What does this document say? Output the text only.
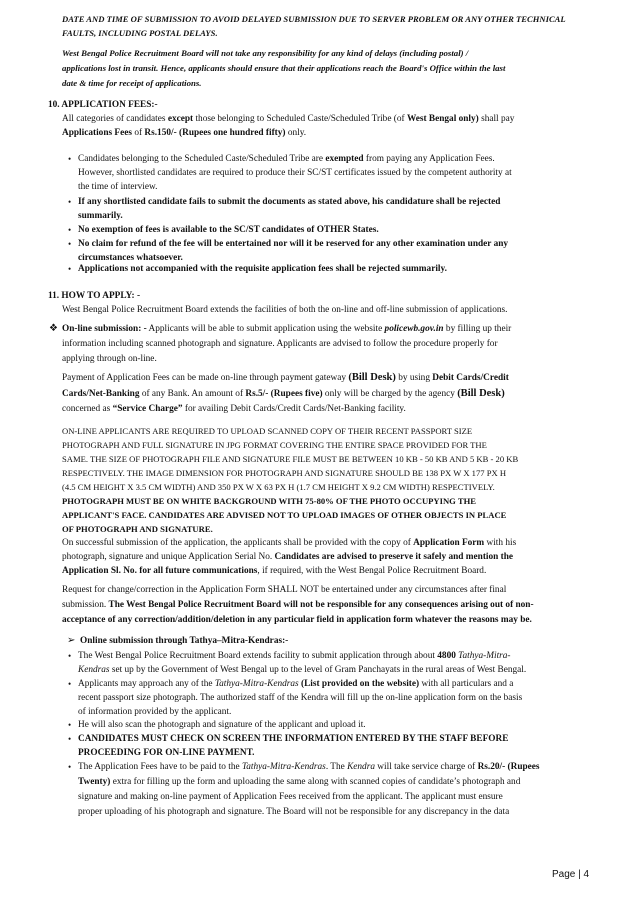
DATE AND TIME OF SUBMISSION TO AVOID DELAYED SUBMISSION DUE TO SERVER PROBLEM OR ANY OTHER TECHNICAL
FAULTS, INCLUDING POSTAL DELAYS.
West Bengal Police Recruitment Board will not take any responsibility for any kind of delays (including postal) /
applications lost in transit. Hence, applicants should ensure that their applications reach the Board's Office within the last
date & time for receipt of applications.
10. APPLICATION FEES:-
All categories of candidates except those belonging to Scheduled Caste/Scheduled Tribe (of West Bengal only) shall pay
Applications Fees of Rs.150/- (Rupees one hundred fifty) only.
• Candidates belonging to the Scheduled Caste/Scheduled Tribe are exempted from paying any Application Fees.
However, shortlisted candidates are required to produce their SC/ST certificates issued by the competent authority at
the time of interview.
• If any shortlisted candidate fails to submit the documents as stated above, his candidature shall be rejected
summarily.
• No exemption of fees is available to the SC/ST candidates of OTHER States.
• No claim for refund of the fee will be entertained nor will it be reserved for any other examination under any
circumstances whatsoever.
• Applications not accompanied with the requisite application fees shall be rejected summarily.
11. HOW TO APPLY: -
West Bengal Police Recruitment Board extends the facilities of both the on-line and off-line submission of applications.
❖ On-line submission: - Applicants will be able to submit application using the website policewb.gov.in by filling up their
information including scanned photograph and signature. Applicants are advised to follow the procedure properly for
applying through on-line.
Payment of Application Fees can be made on-line through payment gateway (Bill Desk) by using Debit Cards/Credit
Cards/Net-Banking of any Bank. An amount of Rs.5/- (Rupees five) only will be charged by the agency (Bill Desk)
concerned as “Service Charge” for availing Debit Cards/Credit Cards/Net-Banking facility.
ON-LINE APPLICANTS ARE REQUIRED TO UPLOAD SCANNED COPY OF THEIR RECENT PASSPORT SIZE
PHOTOGRAPH AND FULL SIGNATURE IN JPG FORMAT COVERING THE ENTIRE SPACE PROVIDED FOR THE
SAME. THE SIZE OF PHOTOGRAPH FILE AND SIGNATURE FILE MUST BE BETWEEN 10 KB - 50 KB AND 5 KB - 20 KB
RESPECTIVELY. THE IMAGE DIMENSION FOR PHOTOGRAPH AND SIGNATURE SHOULD BE 138 PX W X 177 PX H
(4.5 CM HEIGHT X 3.5 CM WIDTH) AND 350 PX W X 63 PX H (1.7 CM HEIGHT X 9.2 CM WIDTH) RESPECTIVELY.
PHOTOGRAPH MUST BE ON WHITE BACKGROUND WITH 75-80% OF THE PHOTO OCCUPYING THE
APPLICANT'S FACE. CANDIDATES ARE ADVISED NOT TO UPLOAD IMAGES OF OTHER OBJECTS IN PLACE
OF PHOTOGRAPH AND SIGNATURE.
On successful submission of the application, the applicants shall be provided with the copy of Application Form with his
photograph, signature and unique Application Serial No. Candidates are advised to preserve it safely and mention the
Application Sl. No. for all future communications, if required, with the West Bengal Police Recruitment Board.
Request for change/correction in the Application Form SHALL NOT be entertained under any circumstances after final
submission. The West Bengal Police Recruitment Board will not be responsible for any consequences arising out of non-
acceptance of any correction/addition/deletion in any particular field in application form whatever the reasons may be.
➢ Online submission through Tathya–Mitra-Kendras:-
• The West Bengal Police Recruitment Board extends facility to submit application through about 4800 Tathya-Mitra-
Kendras set up by the Government of West Bengal up to the level of Gram Panchayats in the rural areas of West Bengal.
• Applicants may approach any of the Tathya-Mitra-Kendras (List provided on the website) with all particulars and a
recent passport size photograph. The authorized staff of the Kendra will fill up the on-line application form on the basis
of information provided by the applicant.
• He will also scan the photograph and signature of the applicant and upload it.
• CANDIDATES MUST CHECK ON SCREEN THE INFORMATION ENTERED BY THE STAFF BEFORE
PROCEEDING FOR ON-LINE PAYMENT.
• The Application Fees have to be paid to the Tathya-Mitra-Kendras. The Kendra will take service charge of Rs.20/- (Rupees
Twenty) extra for filling up the form and uploading the same along with scanned copies of candidate’s photograph and
signature and making on-line payment of Application Fees received from the applicant. The applicant must ensure
proper uploading of his photograph and signature. The Board will not be responsible for any discrepancy in the data
Page | 4
